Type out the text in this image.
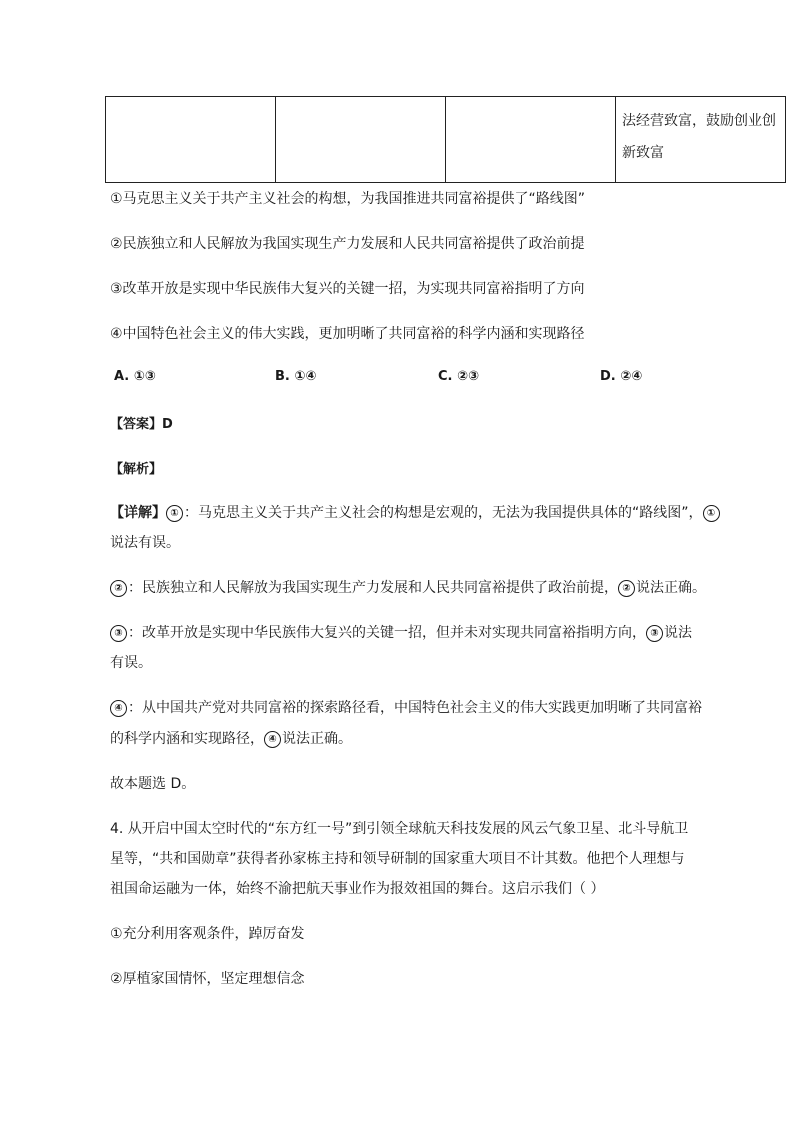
			法经营致富，鼓励创业创新致富
①马克思主义关于共产主义社会的构想，为我国推进共同富裕提供了“路线图”
②民族独立和人民解放为我国实现生产力发展和人民共同富裕提供了政治前提
③改革开放是实现中华民族伟大复兴的关键一招，为实现共同富裕指明了方向
④中国特色社会主义的伟大实践，更加明晰了共同富裕的科学内涵和实现路径
A. ①③	B. ①④	C. ②③	D. ②④
【答案】D
【解析】
【详解】 ① ：马克思主义关于共产主义社会的构想是宏观的，无法为我国提供具体的“路线图”， ①
说法有误。
② ：民族独立和人民解放为我国实现生产力发展和人民共同富裕提供了政治前提， ② 说法正确。
③ ：改革开放是实现中华民族伟大复兴的关键一招，但并未对实现共同富裕指明方向， ③ 说法
有误。
④ ：从中国共产党对共同富裕的探索路径看，中国特色社会主义的伟大实践更加明晰了共同富裕
的科学内涵和实现路径， ④ 说法正确。
故本题选 D。
4. 从开启中国太空时代的“东方红一号”到引领全球航天科技发展的风云气象卫星、北斗导航卫
星等，“共和国勋章”获得者孙家栋主持和领导研制的国家重大项目不计其数。他把个人理想与
祖国命运融为一体，始终不渝把航天事业作为报效祖国的舞台。这启示我们（ ）
①充分利用客观条件，踔厉奋发
②厚植家国情怀，坚定理想信念
